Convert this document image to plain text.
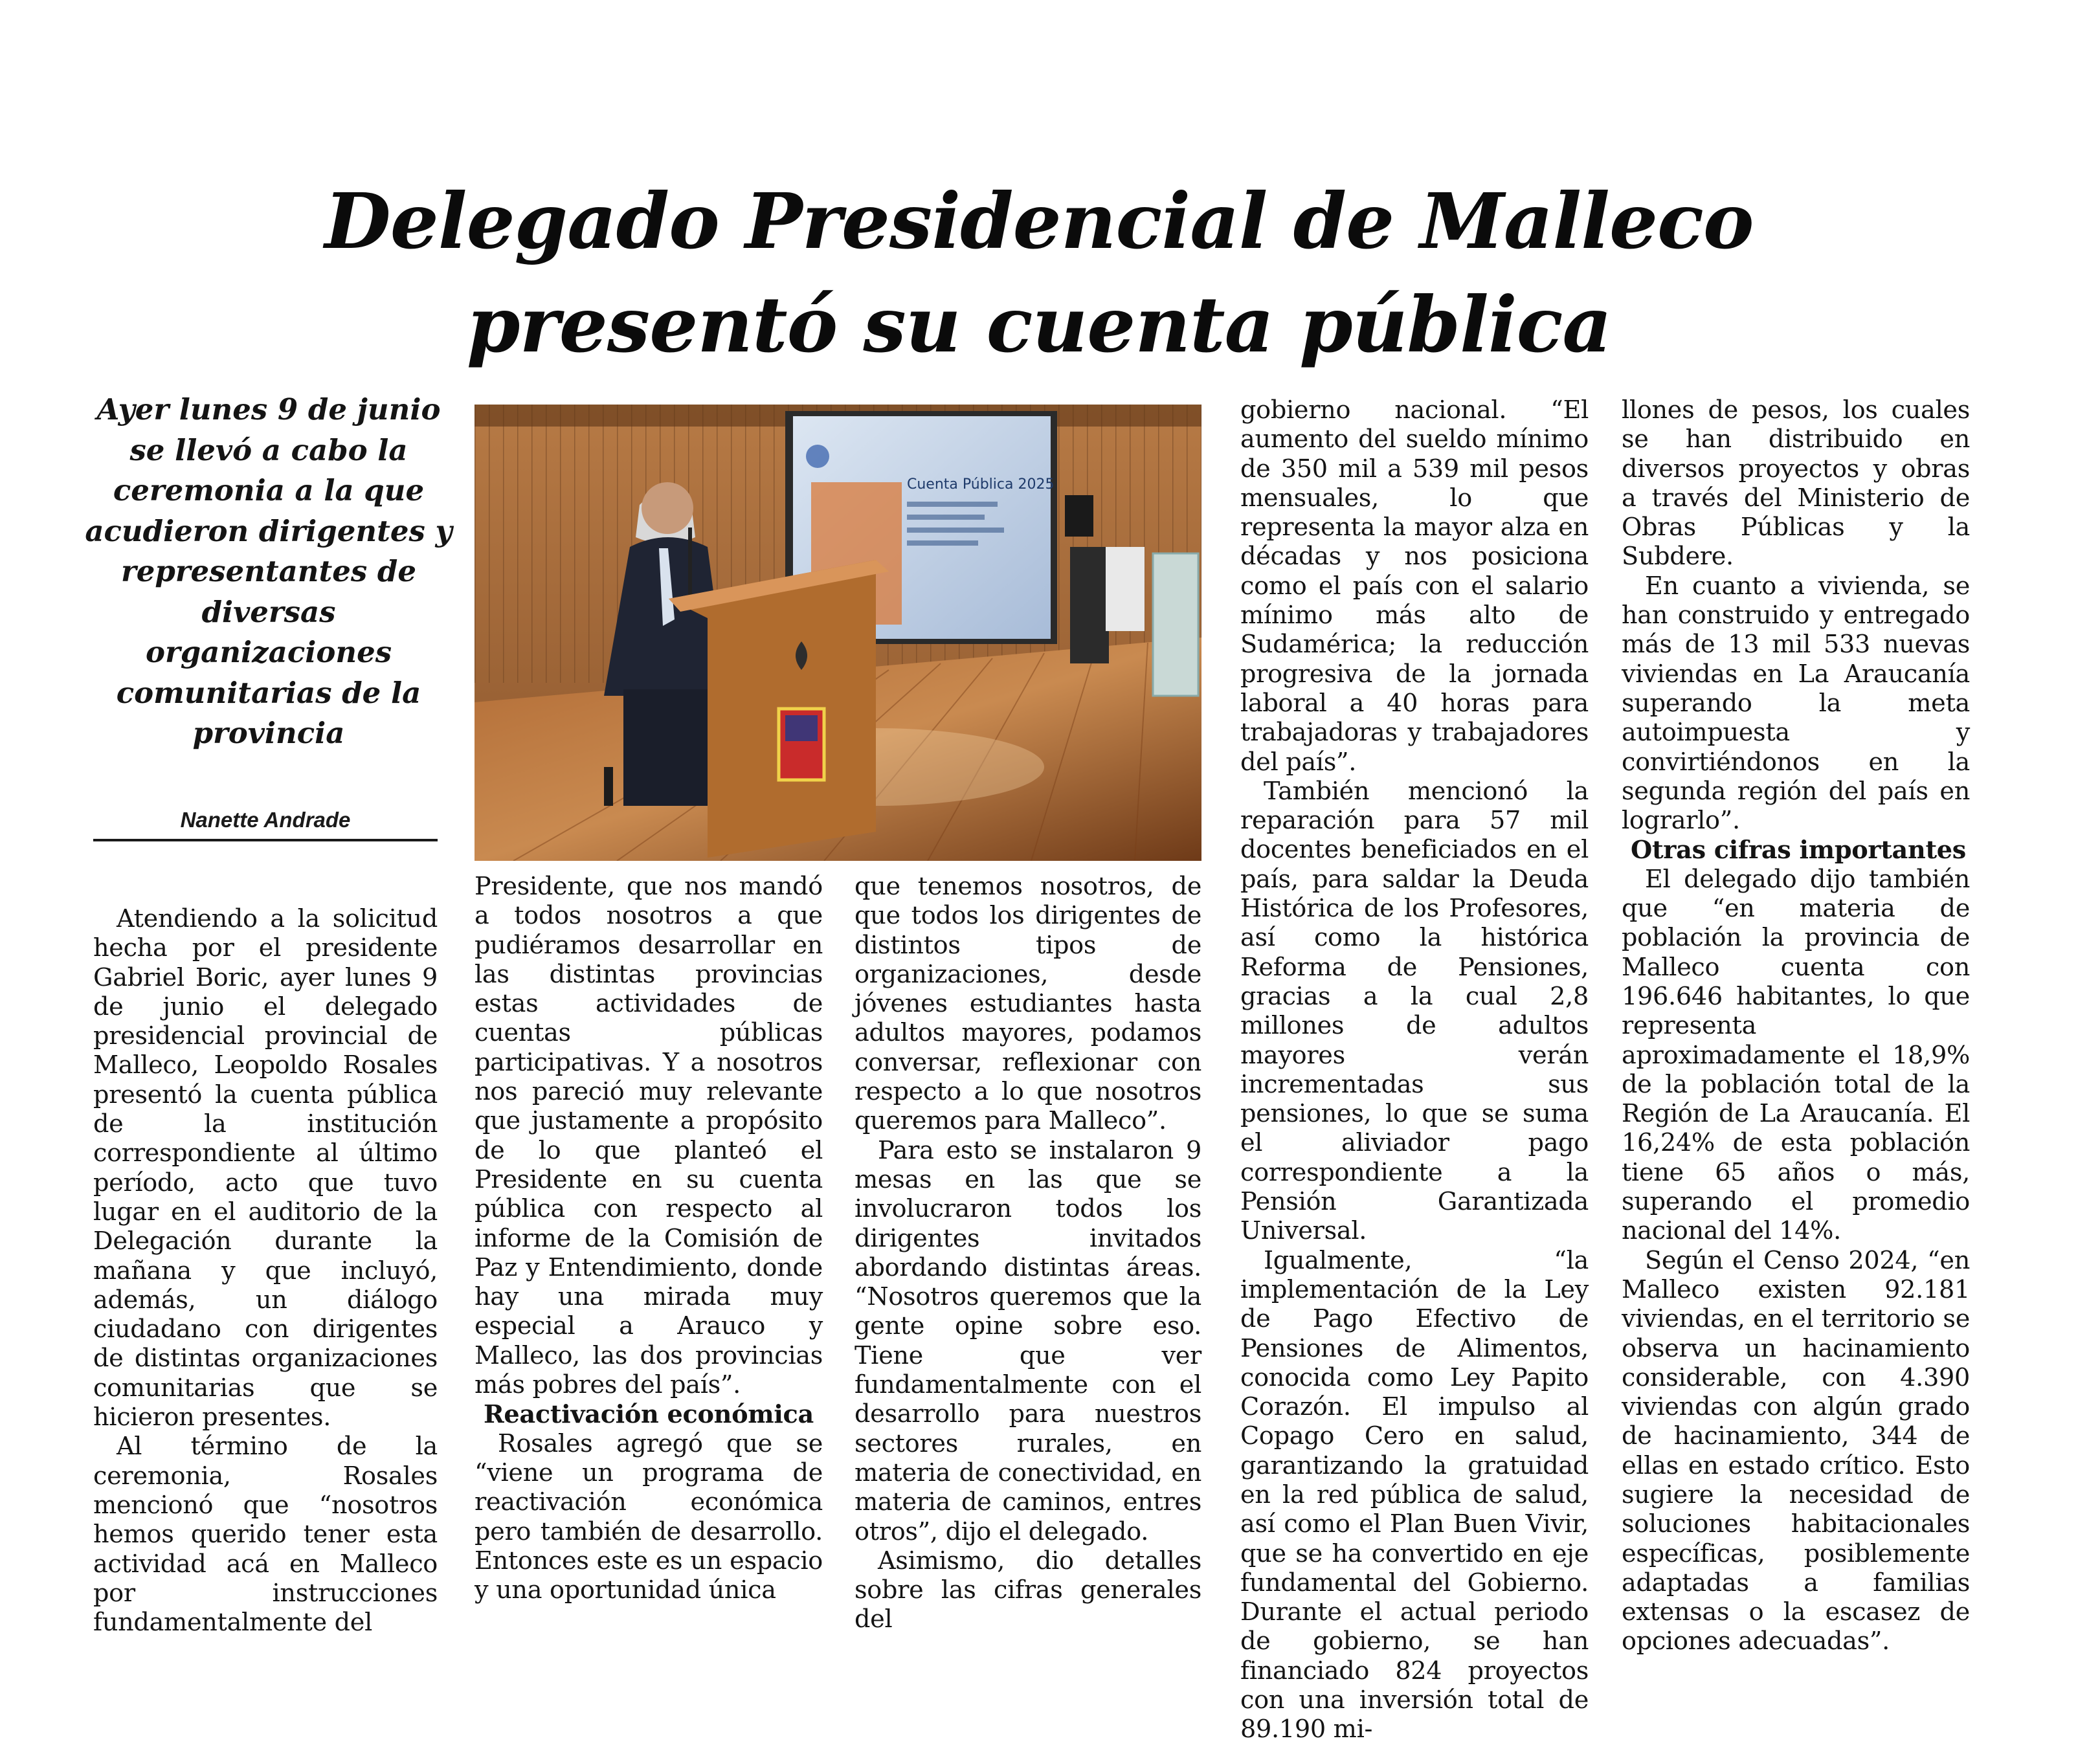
Delegado Presidencial de Malleco
presentó su cuenta pública
Ayer lunes 9 de junio se llevó a cabo la ceremonia a la que acudieron dirigentes y representantes de diversas organizaciones comunitarias de la provincia
Nanette Andrade
Cuenta Pública 2025

Atendiendo a la solicitud hecha por el presidente Gabriel Boric, ayer lunes 9 de junio el delegado presidencial provincial de Malleco, Leopoldo Rosales presentó la cuenta pública de la institución correspondiente al último período, acto que tuvo lugar en el auditorio de la Delegación durante la mañana y que incluyó, además, un diálogo ciudadano con dirigentes de distintas organizaciones comunitarias que se hicieron presentes.

Al término de la ceremonia, Rosales mencionó que “nosotros hemos querido tener esta actividad acá en Malleco por instrucciones fundamentalmente del

Presidente, que nos mandó a todos nosotros a que pudiéramos desarrollar en las distintas provincias estas actividades de cuentas públicas participativas. Y a nosotros nos pareció muy relevante que justamente a propósito de lo que planteó el Presidente en su cuenta pública con respecto al informe de la Comisión de Paz y Entendimiento, donde hay una mirada muy especial a Arauco y Malleco, las dos provincias más pobres del país”.

Reactivación económica

Rosales agregó que se “viene un programa de reactivación económica pero también de desarrollo. Entonces este es un espacio y una oportunidad única

que tenemos nosotros, de que todos los dirigentes de distintos tipos de organizaciones, desde jóvenes estudiantes hasta adultos mayores, podamos conversar, reflexionar con respecto a lo que nosotros queremos para Malleco”.

Para esto se instalaron 9 mesas en las que se involucraron todos los dirigentes invitados abordando distintas áreas. “Nosotros queremos que la gente opine sobre eso. Tiene que ver fundamentalmente con el desarrollo para nuestros sectores rurales, en materia de conectividad, en materia de caminos, entres otros”, dijo el delegado.

Asimismo, dio detalles sobre las cifras generales del

gobierno nacional. “El aumento del sueldo mínimo de 350 mil a 539 mil pesos mensuales, lo que representa la mayor alza en décadas y nos posiciona como el país con el salario mínimo más alto de Sudamérica; la reducción progresiva de la jornada laboral a 40 horas para trabajadoras y trabajadores del país”.

También mencionó la reparación para 57 mil docentes beneficiados en el país, para saldar la Deuda Histórica de los Profesores, así como la histórica Reforma de Pensiones, gracias a la cual 2,8 millones de adultos mayores verán incrementadas sus pensiones, lo que se suma el aliviador pago correspondiente a la Pensión Garantizada Universal.

Igualmente, “la implementación de la Ley de Pago Efectivo de Pensiones de Alimentos, conocida como Ley Papito Corazón. El impulso al Copago Cero en salud, garantizando la gratuidad en la red pública de salud, así como el Plan Buen Vivir, que se ha convertido en eje fundamental del Gobierno. Durante el actual periodo de gobierno, se han financiado 824 proyectos con una inversión total de 89.190 mi-

llones de pesos, los cuales se han distribuido en diversos proyectos y obras a través del Ministerio de Obras Públicas y la Subdere.

En cuanto a vivienda, se han construido y entregado más de 13 mil 533 nuevas viviendas en La Araucanía superando la meta autoimpuesta y convirtiéndonos en la segunda región del país en lograrlo”.

Otras cifras importantes

El delegado dijo también que “en materia de población la provincia de Malleco cuenta con 196.646 habitantes, lo que representa aproximadamente el 18,9% de la población total de la Región de La Araucanía. El 16,24% de esta población tiene 65 años o más, superando el promedio nacional del 14%.

Según el Censo 2024, “en Malleco existen 92.181 viviendas, en el territorio se observa un hacinamiento considerable, con 4.390 viviendas con algún grado de hacinamiento, 344 de ellas en estado crítico. Esto sugiere la necesidad de soluciones habitacionales específicas, posiblemente adaptadas a familias extensas o la escasez de opciones adecuadas”.
